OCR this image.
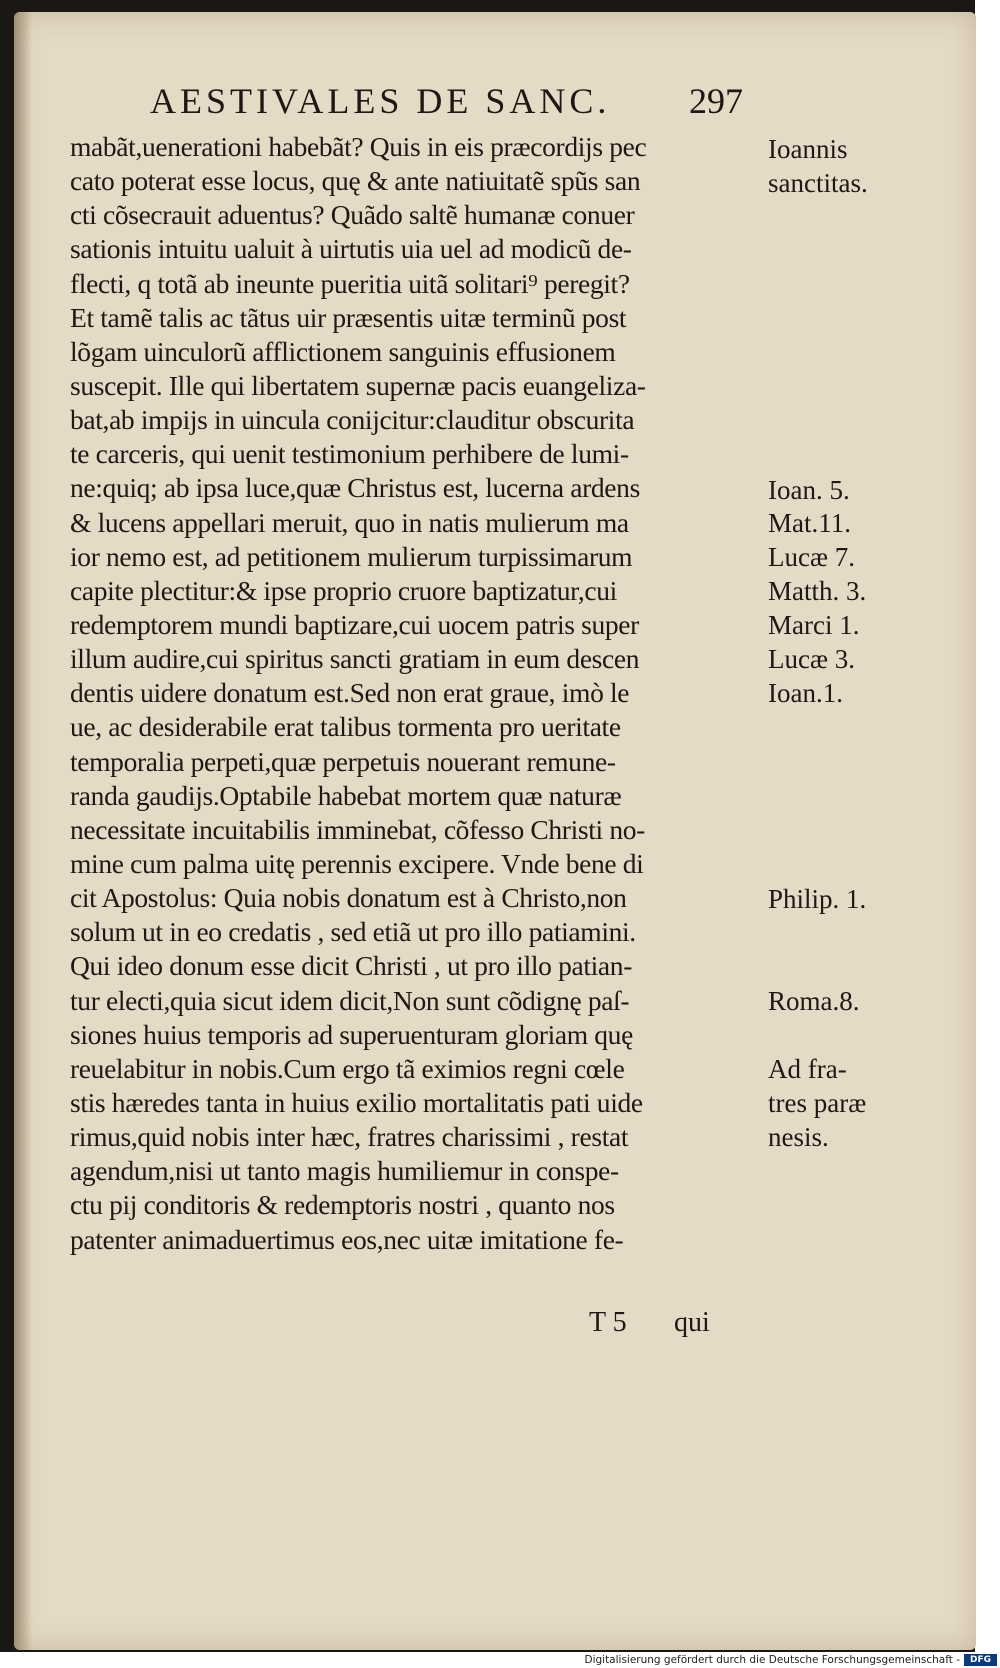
AESTIVALES DE SANC. 297
mabãt,uenerationi habebãt? Quis in eis præcordijs pec
cato poterat esse locus, quę & ante natiuitatẽ spũs san
cti cõsecrauit aduentus? Quãdo saltẽ humanæ conuer
sationis intuitu ualuit à uirtutis uia uel ad modicũ de-
flecti, q totã ab ineunte pueritia uitã solitari⁹ peregit?
Et tamẽ talis ac tãtus uir præsentis uitæ terminũ post
lõgam uinculorũ afflictionem sanguinis effusionem
suscepit. Ille qui libertatem supernæ pacis euangeliza-
bat,ab impijs in uincula conijcitur:clauditur obscurita
te carceris, qui uenit testimonium perhibere de lumi-
ne:quiq; ab ipsa luce,quæ Christus est, lucerna ardens
& lucens appellari meruit, quo in natis mulierum ma
ior nemo est, ad petitionem mulierum turpissimarum
capite plectitur:& ipse proprio cruore baptizatur,cui
redemptorem mundi baptizare,cui uocem patris super
illum audire,cui spiritus sancti gratiam in eum descen
dentis uidere donatum est.Sed non erat graue, imò le
ue, ac desiderabile erat talibus tormenta pro ueritate
temporalia perpeti,quæ perpetuis nouerant remune-
randa gaudijs.Optabile habebat mortem quæ naturæ
necessitate incuitabilis imminebat, cõfesso Christi no-
mine cum palma uitę perennis excipere. Vnde bene di
cit Apostolus: Quia nobis donatum est à Christo,non
solum ut in eo credatis , sed etiã ut pro illo patiamini.
Qui ideo donum esse dicit Christi , ut pro illo patian-
tur electi,quia sicut idem dicit,Non sunt cõdignę paſ-
siones huius temporis ad superuenturam gloriam quę
reuelabitur in nobis.Cum ergo tã eximios regni cœle
stis hæredes tanta in huius exilio mortalitatis pati uide
rimus,quid nobis inter hæc, fratres charissimi , restat
agendum,nisi ut tanto magis humiliemur in conspe-
ctu pij conditoris & redemptoris nostri , quanto nos
patenter animaduertimus eos,nec uitæ imitatione fe-
Ioannis
sanctitas.
Ioan. 5.
Mat.11.
Lucæ 7.
Matth. 3.
Marci 1.
Lucæ 3.
Ioan.1.
Philip. 1.
Roma.8.
Ad fra-
tres paræ
nesis.
T 5 qui
Digitalisierung gefördert durch die Deutsche Forschungsgemeinschaft -	DFG
